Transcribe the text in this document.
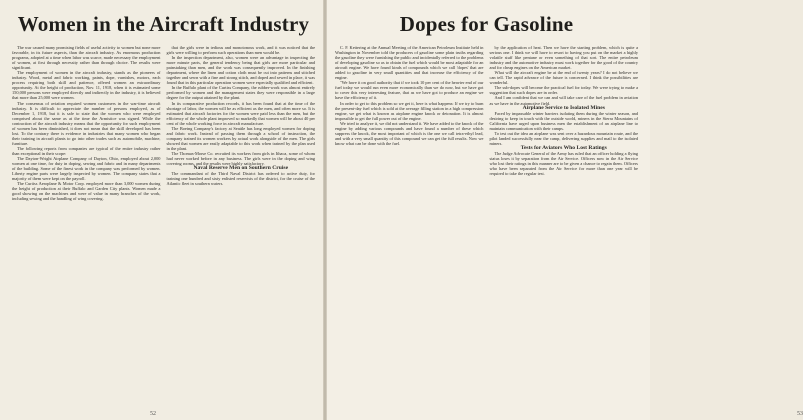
Women in the Aircraft Industry

The war caused many promising fields of useful activity to women but none more favorable, in its future aspects, than the aircraft industry. As enormous production programs, adopted at a time when labor was scarce, made necessary the employment of women, at first through necessity rather than through choice. The results were significant.

The employment of women in the aircraft industry, stands as the pioneers of industry. Wood, metal and fabric working, paints, dope, varnishes, motors, each process requiring both skill and patience, offered women an extraordinary opportunity. At the height of production, Nov. 11, 1918, when it is estimated some 150,000 persons were employed directly and indirectly in the industry, it is believed that more than 25,000 were women.

The consensus of aviation required women customers in the war-time aircraft industry. It is difficult to appreciate the number of persons employed, as of December 1, 1918, but it is safe to state that the women who were employed comprised about the same as at the time the Armistice was signed. While the contraction of the aircraft industry means that the opportunity for such employment of women has been diminished, it does not mean that the skill developed has been lost. To the contrary there is evidence in industries that many women who began their training in aircraft plants to go into other trades such as automobile, machine, furniture.

The following reports from companies are typical of the entire industry rather than exceptional in their scope:

The Dayton-Wright Airplane Company of Dayton, Ohio, employed about 2,000 women at one time, for duty in doping, sewing and fabric and in many departments of the building. Some of the finest work in the company was performed by women. Liberty engine parts were largely inspected by women. The company states that a majority of them were kept on the payroll.

The Curtiss Aeroplane & Motor Corp. employed more than 3,000 women during the height of production at their Buffalo and Garden City plants. Women made a good showing on the machines and were of value in many branches of the work, including sewing and the handling of wing covering.

that the girls were in tedious and monotonous work, and it was noticed that the girls were willing to perform such operations than men would be.

In the inspection department, also, women were an advantage in inspecting the more minute parts, the general tendency being that girls are more particular and painstaking than men, and the work was consequently improved. In the finishing department, where the linen and cotton cloth must be cut into patterns and stitched together and sewn with a fine and strong stitch, and doped and sewed in place, it was found that in this particular operation women were especially qualified and efficient.

In the Buffalo plant of the Curtiss Company, the rubber-work was almost entirely performed by women and the management states they were responsible in a large degree for the output attained by the plant.

In its comparative production records, it has been found that at the time of the shortage of labor, the women will be as efficient as the men, and often more so. It is estimated that aircraft factories for the women were paid less than the men, but the efficiency of the whole plant improved so markedly that women will be about 40 per cent of the whole working force in aircraft manufacture.

The Boeing Company's factory at Seattle has long employed women for doping and fabric work. Instead of passing them through a school of instruction, the company trained its women workers by actual work alongside of the men. The girls showed that women are easily adaptable to this work when trained by the plan used in the plant.

The Thomas-Morse Co. recruited its workers from girls in Ithaca, some of whom had never worked before in any business. The girls were in the doping and wing covering rooms, and the results were highly satisfactory.

Naval Reserve Men on Southern Cruise

The commandant of the Third Naval District has ordered to active duty, for training one hundred and sixty enlisted reservists of the district, for the cruise of the Atlantic fleet in southern waters.

52
Dopes for Gasoline

C. F. Kettering at the Annual Meeting of the American Petroleum Institute held in Washington in November told the producers of gasoline some plain truths regarding the gasoline they were furnishing the public and incidentally referred to the problems of developing gasoline so as to obtain the fuel which would be most adaptable for an aircraft engine. We have found kinds of compounds which we call 'dopes' that are added to gasoline in very small quantities and that increase the efficiency of the engine.

"We have it on good authority that if we took 10 per cent of the heavier end of our fuel today we would run even more economically than we do now, but we have got to cover this very interesting feature, that as we have got to produce an engine we have the efficiency of it.

In order to get to this problem so we get it, here is what happens: If we try to burn the present-day fuel which is sold at the average filling station in a high compression engine, we get what is known as airplane engine knock or detonation. It is almost impossible to get the full power out of the engine.

We tried to analyze it, we did not understand it. We have added to the knock of the engine by adding various compounds and have found a number of these which suppress the knock, the most important of which is the one we call tetra-ethyl lead, and with a very small quantity of this compound we can get the full results. Now we know what can be done with the fuel.

by the application of heat. Then we have the starting problem, which is quite a serious one. I think we will have to resort to having you put on the market a highly volatile stuff like pentane or even something of that sort. The entire petroleum industry and the automotive industry must work together for the good of the country and for cheap engines on the American market.

What will the aircraft engine be at the end of twenty years? I do not believe we can tell. The rapid advance of the future is concerned. I think the possibilities are wonderful.

The sub-dopes will become the practical fuel for today. We were trying to make a suggestion that such dopes are in order.

And I am confident that we can and will take care of the fuel problem in aviation as we have in the automotive field.

Airplane Service to Isolated Mines

Faced by impassable winter barriers isolating them during the winter season, and desiring to keep in touch with the outside world, miners in the Sierra Mountains of California have urged upon business men the establishment of an airplane line to maintain communication with their camps.

To test out the idea an airplane was sent over a hazardous mountain route, and the pilot landed successfully near the camp, delivering supplies and mail to the isolated miners.

Tests for Aviators Who Lost Ratings

The Judge Advocate General of the Army has ruled that an officer holding a flying status loses it by separation from the Air Service. Officers now in the Air Service who lost their ratings in this manner are to be given a chance to regain them. Officers who have been separated from the Air Service for more than one year will be required to take the regular test.

53
